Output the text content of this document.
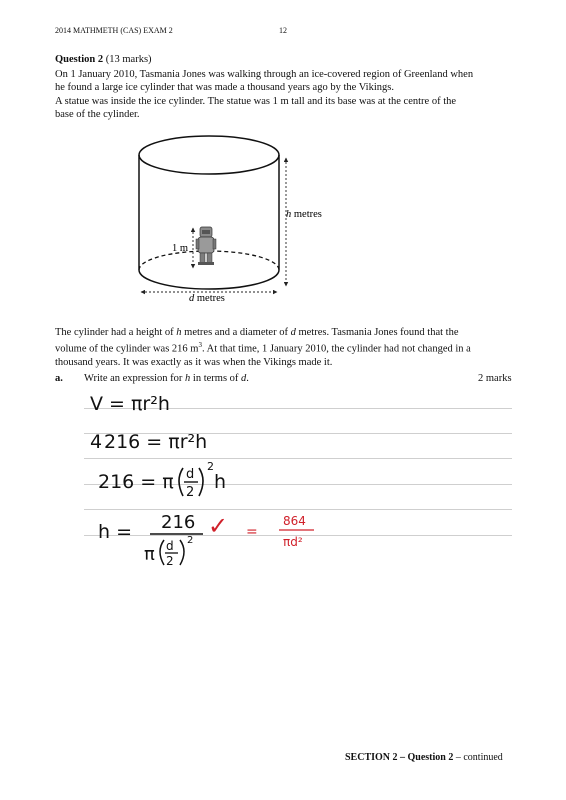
2014 MATHMETH (CAS) EXAM 2	12
Question 2 (13 marks)
On 1 January 2010, Tasmania Jones was walking through an ice-covered region of Greenland when he found a large ice cylinder that was made a thousand years ago by the Vikings.
A statue was inside the ice cylinder. The statue was 1 m tall and its base was at the centre of the base of the cylinder.
h metres
d metres
1 m
The cylinder had a height of h metres and a diameter of d metres. Tasmania Jones found that the volume of the cylinder was 216 $m^3$. At that time, 1 January 2010, the cylinder had not changed in a thousand years. It was exactly as it was when the Vikings made it.
a. Write an expression for h in terms of d.	2 marks
V = πr²h
4 216 = πr²h
216 = π d
2
2
h
h = 216
π d
2
2
✓ =
864
πd²
SECTION 2 – Question 2 – continued
